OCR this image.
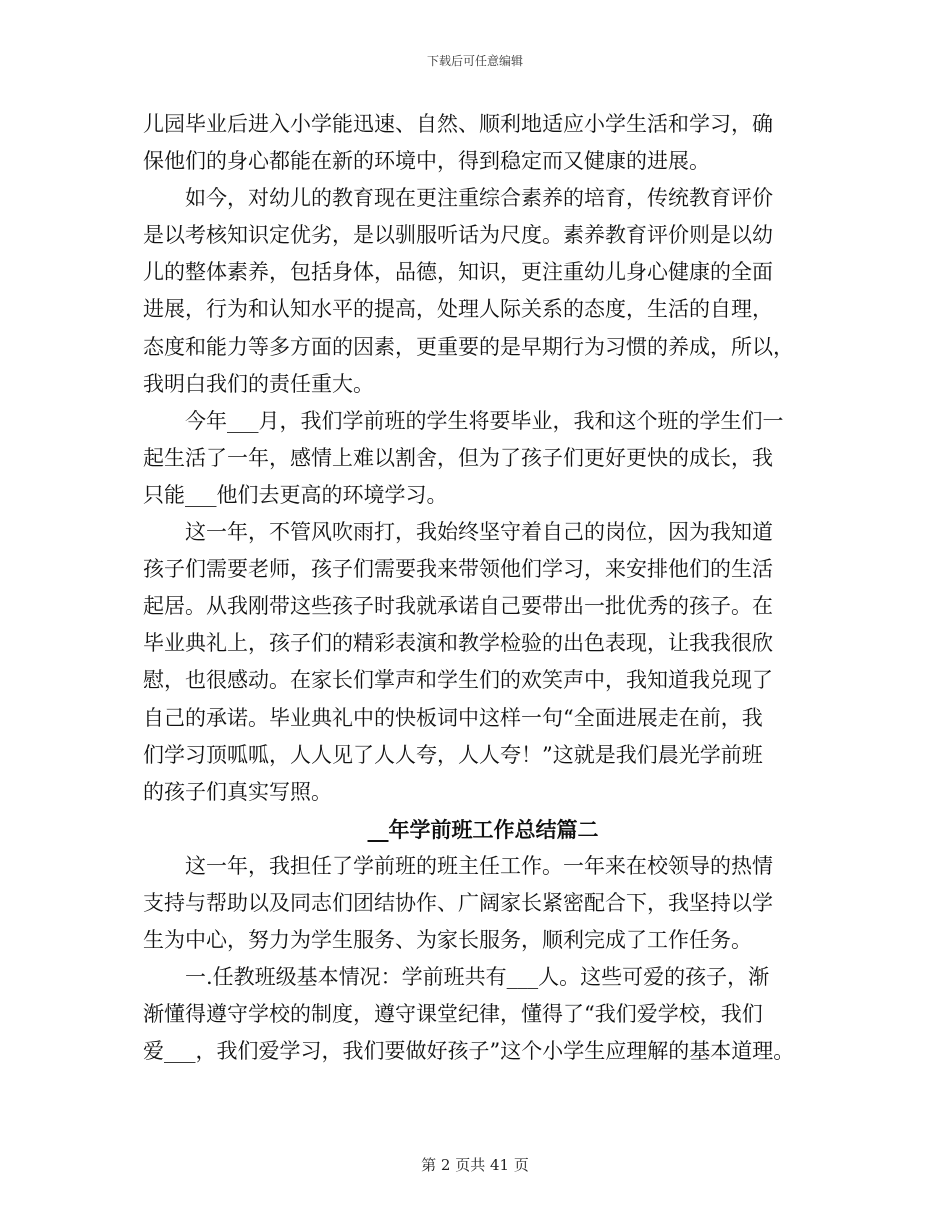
下载后可任意编辑
儿园毕业后进入小学能迅速、自然、顺利地适应小学生活和学习，确
保他们的身心都能在新的环境中，得到稳定而又健康的进展。
如今，对幼儿的教育现在更注重综合素养的培育，传统教育评价
是以考核知识定优劣，是以驯服听话为尺度。素养教育评价则是以幼
儿的整体素养，包括身体，品德，知识，更注重幼儿身心健康的全面
进展，行为和认知水平的提高，处理人际关系的态度，生活的自理，
态度和能力等多方面的因素，更重要的是早期行为习惯的养成，所以，
我明白我们的责任重大。
今年___月，我们学前班的学生将要毕业，我和这个班的学生们一
起生活了一年，感情上难以割舍，但为了孩子们更好更快的成长，我
只能___他们去更高的环境学习。
这一年，不管风吹雨打，我始终坚守着自己的岗位，因为我知道
孩子们需要老师，孩子们需要我来带领他们学习，来安排他们的生活
起居。从我刚带这些孩子时我就承诺自己要带出一批优秀的孩子。在
毕业典礼上，孩子们的精彩表演和教学检验的出色表现，让我我很欣
慰，也很感动。在家长们掌声和学生们的欢笑声中，我知道我兑现了
自己的承诺。毕业典礼中的快板词中这样一句“全面进展走在前，我
们学习顶呱呱，人人见了人人夸，人人夸！”这就是我们晨光学前班
的孩子们真实写照。
__年学前班工作总结篇二
这一年，我担任了学前班的班主任工作。一年来在校领导的热情
支持与帮助以及同志们团结协作、广阔家长紧密配合下，我坚持以学
生为中心，努力为学生服务、为家长服务，顺利完成了工作任务。
一.任教班级基本情况：学前班共有___人。这些可爱的孩子，渐
渐懂得遵守学校的制度，遵守课堂纪律，懂得了“我们爱学校，我们
爱___，我们爱学习，我们要做好孩子”这个小学生应理解的基本道理。
第 2 页共 41 页
